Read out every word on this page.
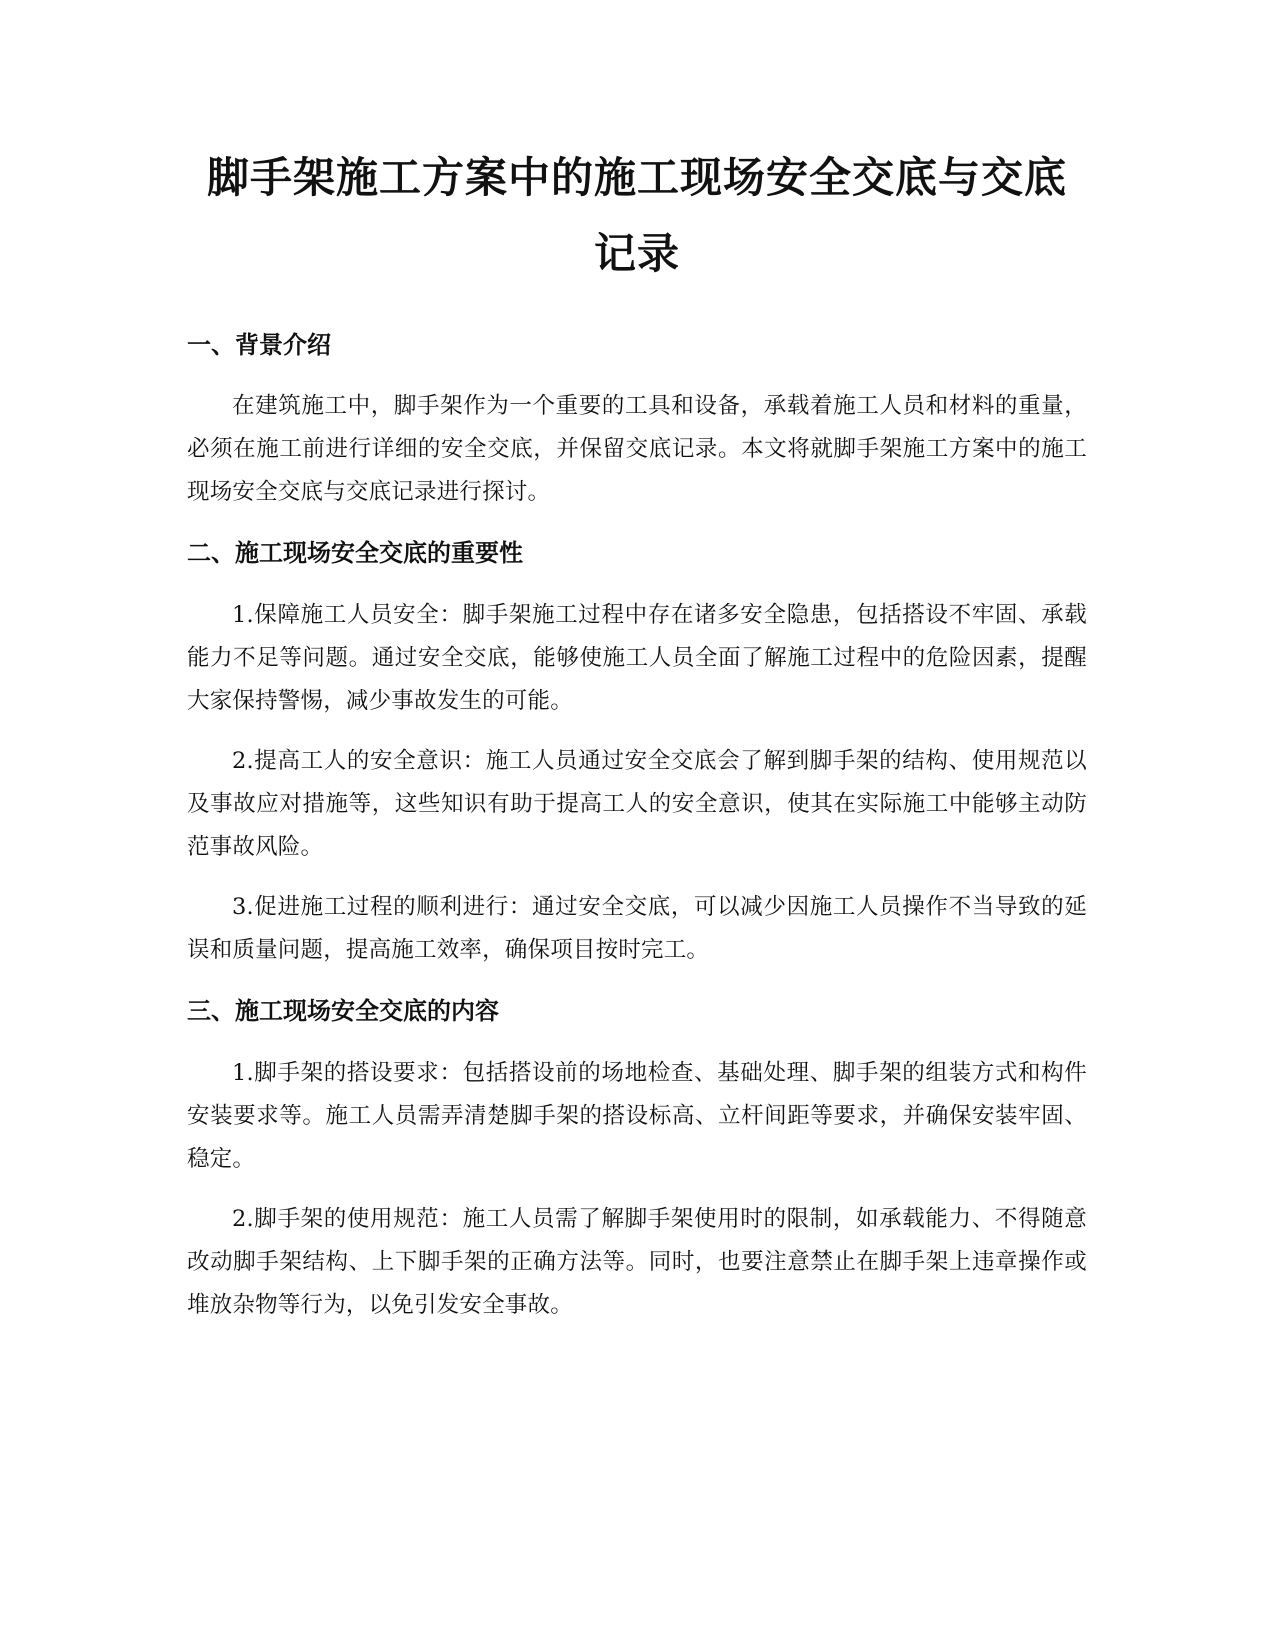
脚手架施工方案中的施工现场安全交底与交底记录
一、背景介绍

在建筑施工中，脚手架作为一个重要的工具和设备，承载着施工人员和材料的重量，必须在施工前进行详细的安全交底，并保留交底记录。本文将就脚手架施工方案中的施工现场安全交底与交底记录进行探讨。

二、施工现场安全交底的重要性

1.保障施工人员安全：脚手架施工过程中存在诸多安全隐患，包括搭设不牢固、承载能力不足等问题。通过安全交底，能够使施工人员全面了解施工过程中的危险因素，提醒大家保持警惕，减少事故发生的可能。

2.提高工人的安全意识：施工人员通过安全交底会了解到脚手架的结构、使用规范以及事故应对措施等，这些知识有助于提高工人的安全意识，使其在实际施工中能够主动防范事故风险。

3.促进施工过程的顺利进行：通过安全交底，可以减少因施工人员操作不当导致的延误和质量问题，提高施工效率，确保项目按时完工。

三、施工现场安全交底的内容

1.脚手架的搭设要求：包括搭设前的场地检查、基础处理、脚手架的组装方式和构件安装要求等。施工人员需弄清楚脚手架的搭设标高、立杆间距等要求，并确保安装牢固、稳定。

2.脚手架的使用规范：施工人员需了解脚手架使用时的限制，如承载能力、不得随意改动脚手架结构、上下脚手架的正确方法等。同时，也要注意禁止在脚手架上违章操作或堆放杂物等行为，以免引发安全事故。
